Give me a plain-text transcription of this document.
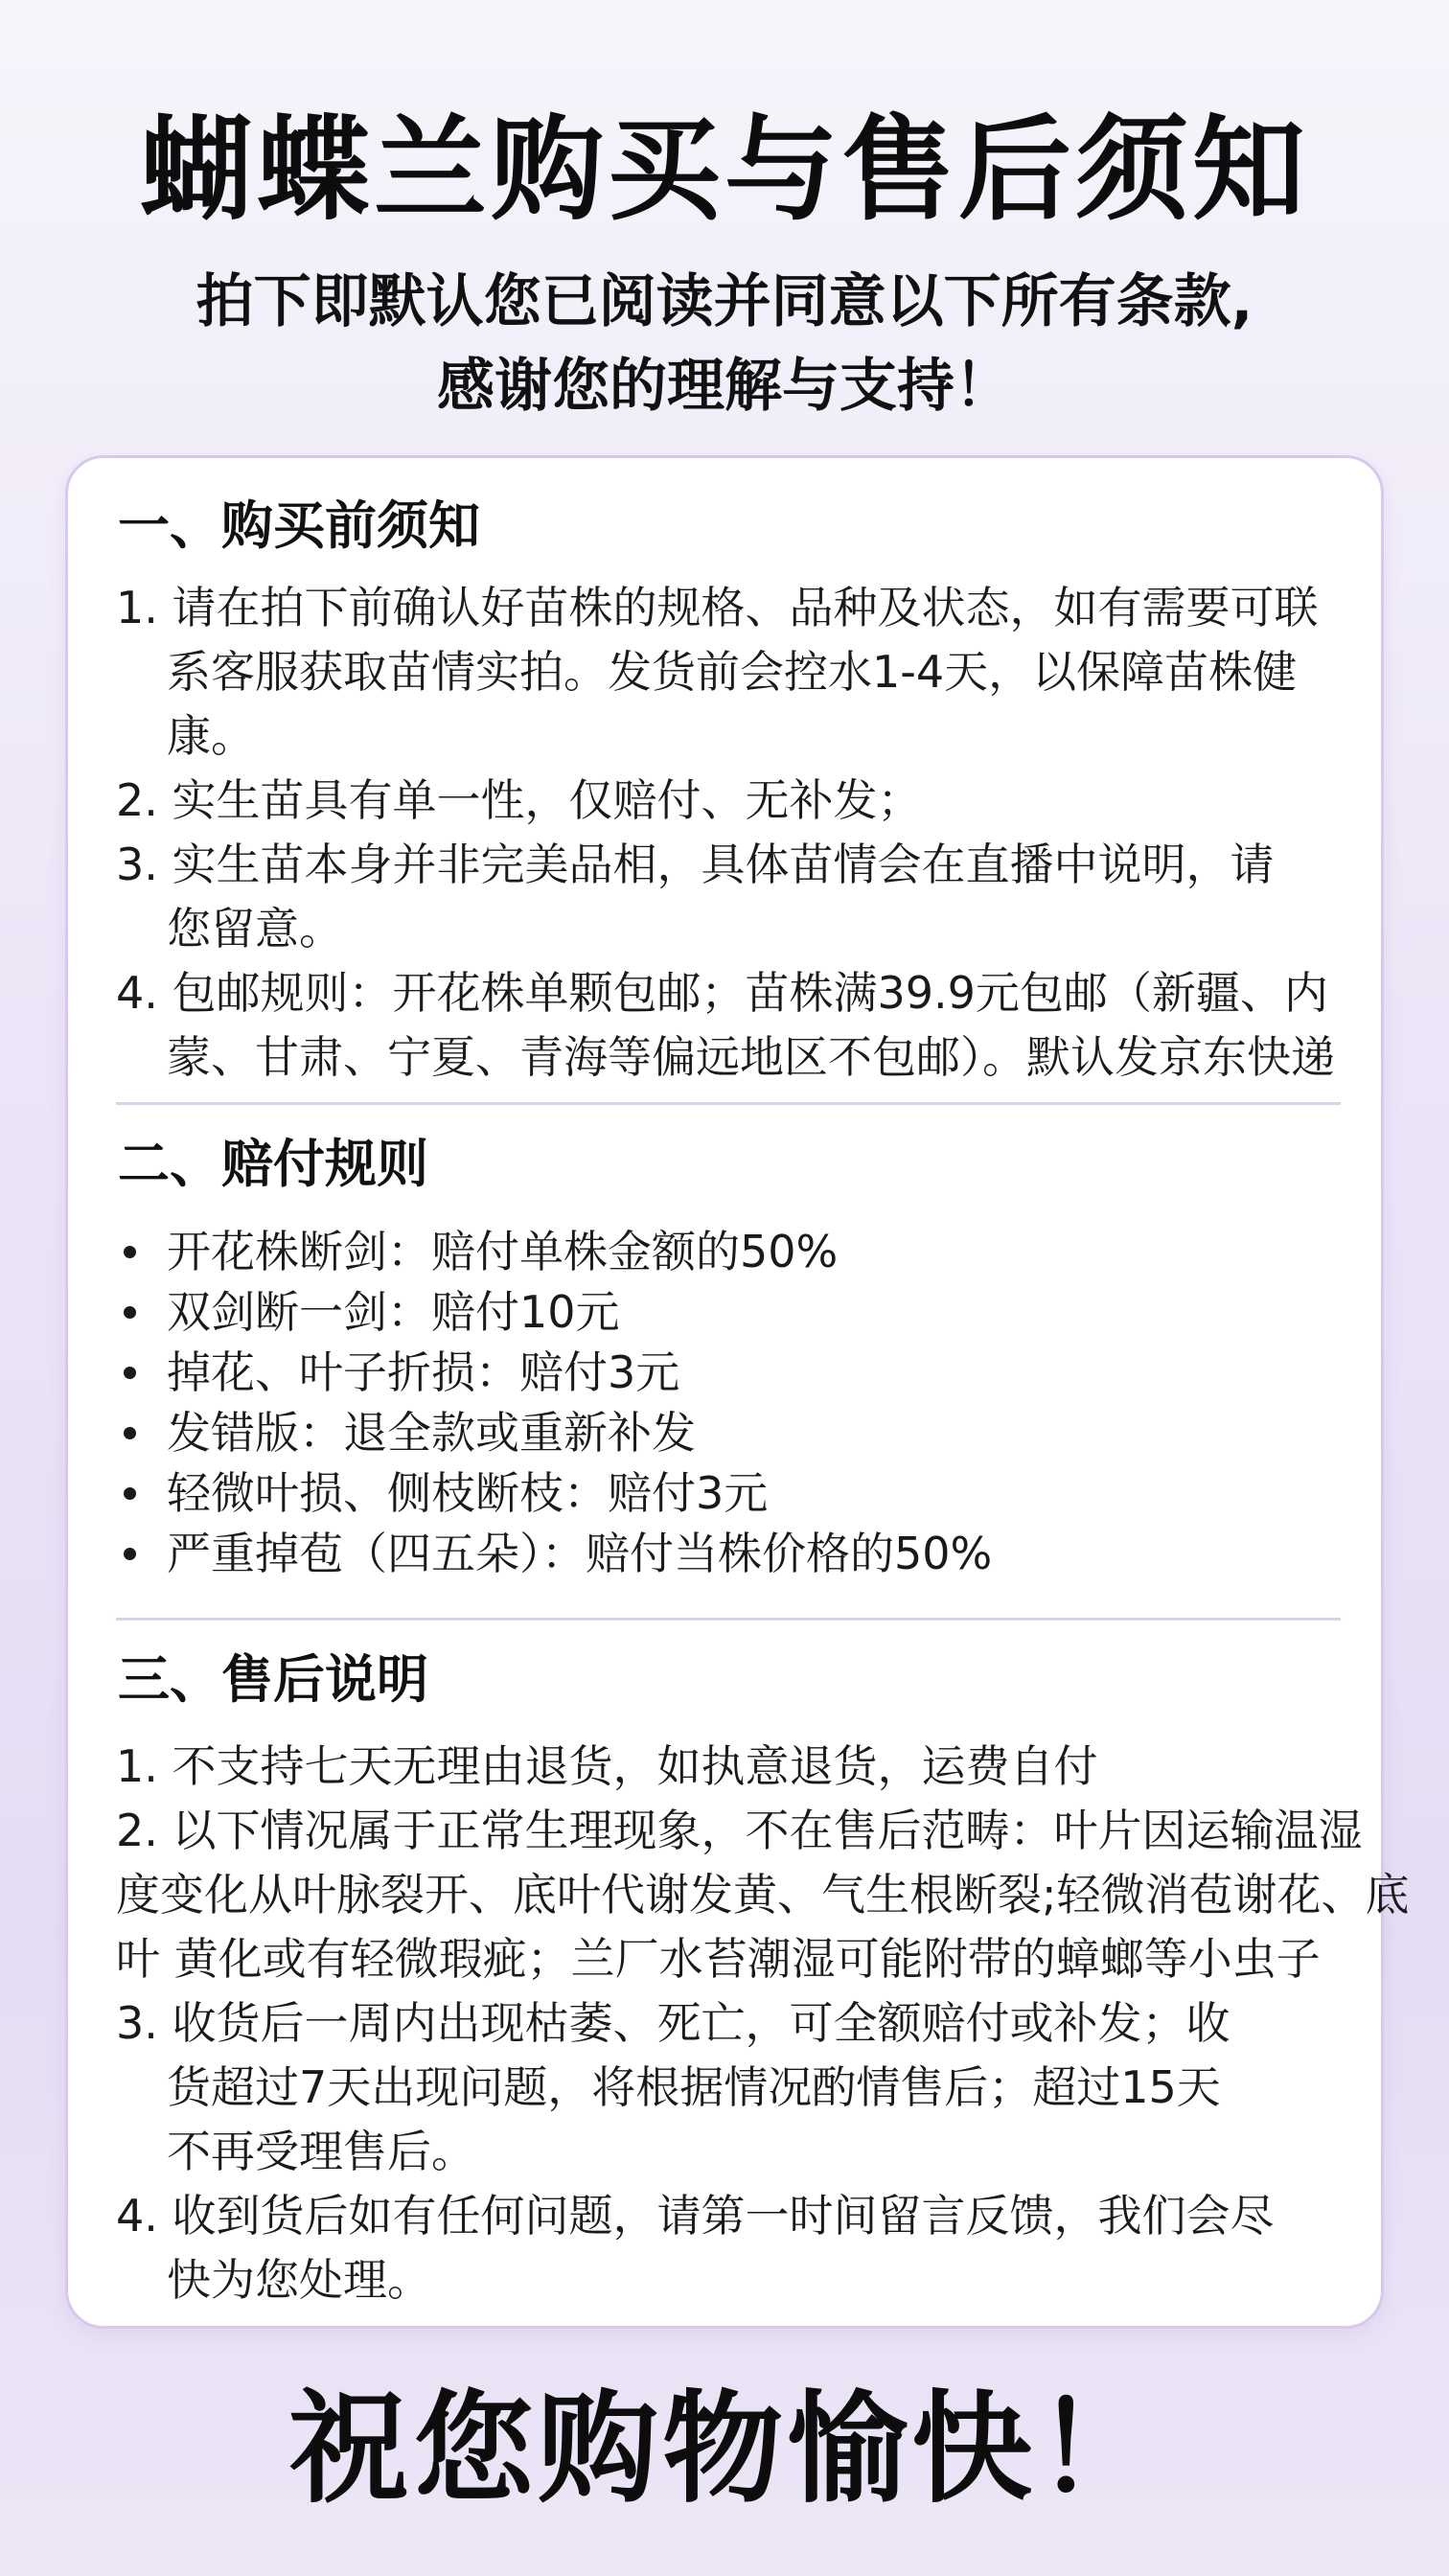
蝴蝶兰购买与售后须知
拍下即默认您已阅读并同意以下所有条款,
感谢您的理解与支持！
一、购买前须知
1. 请在拍下前确认好苗株的规格、品种及状态，如有需要可联
系客服获取苗情实拍。发货前会控水1-4天，以保障苗株健
康。
2. 实生苗具有单一性，仅赔付、无补发；
3. 实生苗本身并非完美品相，具体苗情会在直播中说明，请
您留意。
4. 包邮规则：开花株单颗包邮；苗株满39.9元包邮（新疆、内
蒙、甘肃、宁夏、青海等偏远地区不包邮）。默认发京东快递
二、赔付规则
开花株断剑：赔付单株金额的50%
双剑断一剑：赔付10元
掉花、叶子折损：赔付3元
发错版：退全款或重新补发
轻微叶损、侧枝断枝：赔付3元
严重掉苞（四五朵）：赔付当株价格的50%
三、售后说明
1. 不支持七天无理由退货，如执意退货，运费自付
2. 以下情况属于正常生理现象，不在售后范畴：叶片因运输温湿
度变化从叶脉裂开、底叶代谢发黄、气生根断裂;轻微消苞谢花、底
叶 黄化或有轻微瑕疵；兰厂水苔潮湿可能附带的蟑螂等小虫子
3. 收货后一周内出现枯萎、死亡，可全额赔付或补发；收
货超过7天出现问题，将根据情况酌情售后；超过15天
不再受理售后。
4. 收到货后如有任何问题，请第一时间留言反馈，我们会尽
快为您处理。
祝您购物愉快！
